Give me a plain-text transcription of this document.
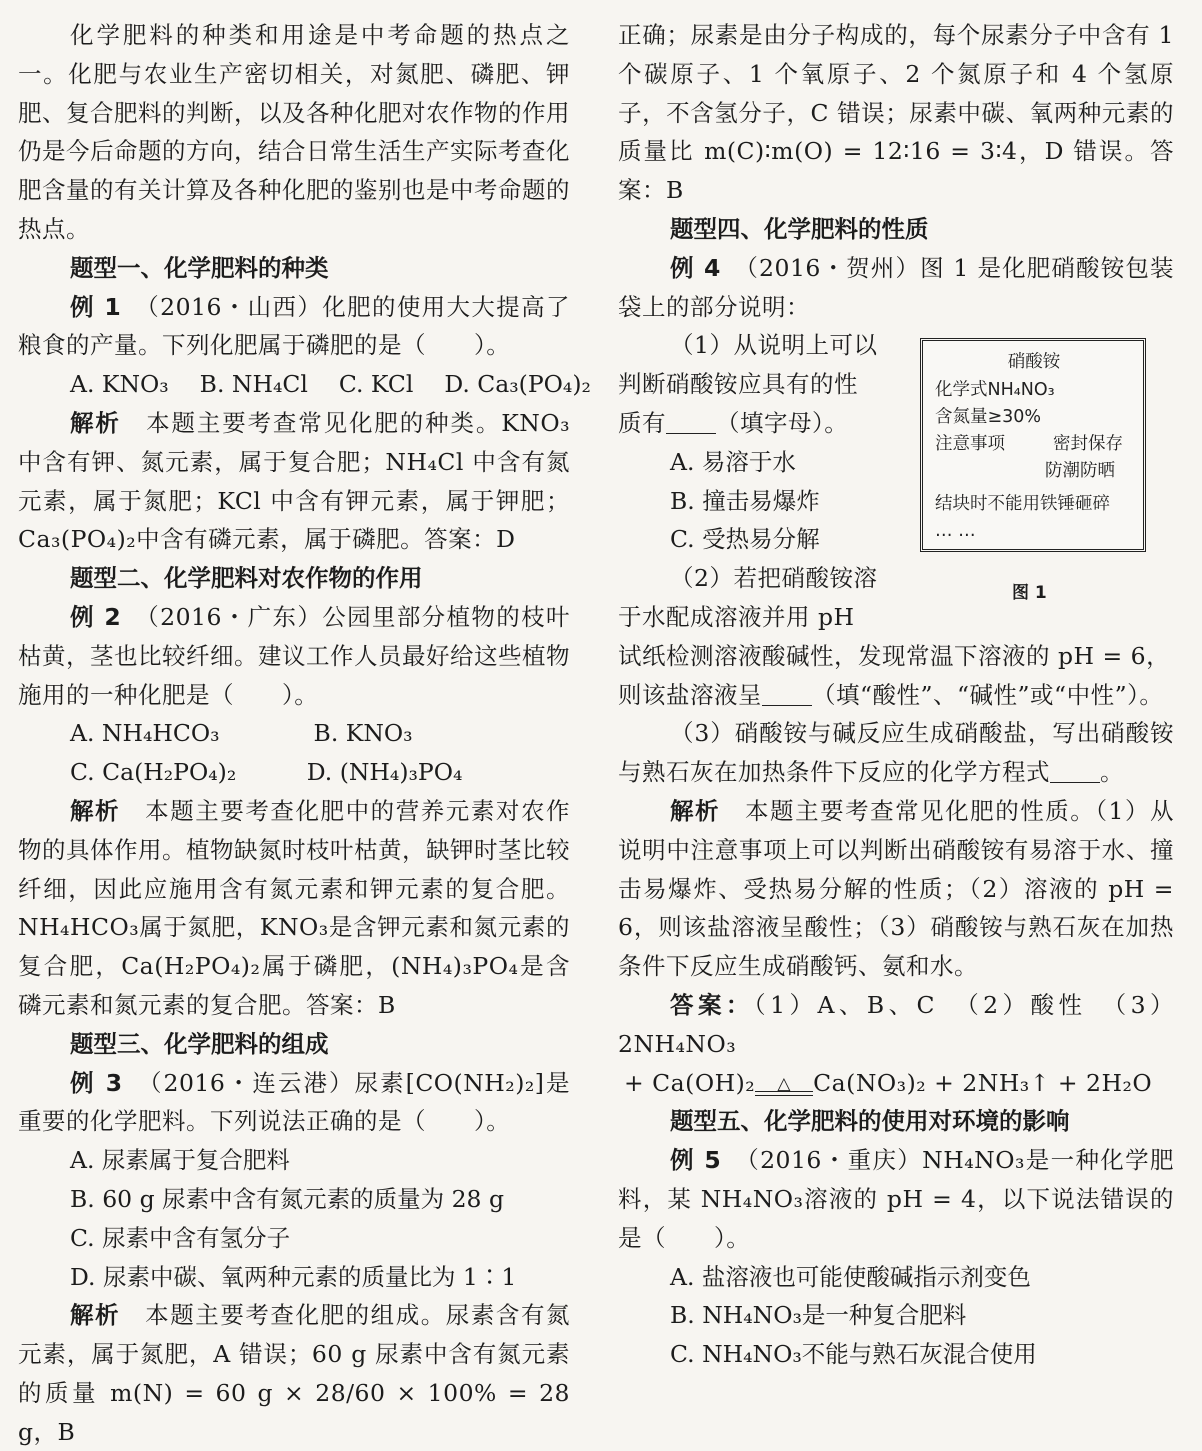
化学肥料的种类和用途是中考命题的热点之一。化肥与农业生产密切相关，对氮肥、磷肥、钾肥、复合肥料的判断，以及各种化肥对农作物的作用仍是今后命题的方向，结合日常生活生产实际考查化肥含量的有关计算及各种化肥的鉴别也是中考命题的热点。

题型一、化学肥料的种类

例 1　 （2016・山西）化肥的使用大大提高了粮食的产量。下列化肥属于磷肥的是（　　）。

A. KNO₃　 B. NH₄Cl　 C. KCl　 D. Ca₃(PO₄)₂

解析　 本题主要考查常见化肥的种类。KNO₃中含有钾、氮元素，属于复合肥；NH₄Cl 中含有氮元素，属于氮肥；KCl 中含有钾元素，属于钾肥；Ca₃(PO₄)₂中含有磷元素，属于磷肥。答案：D

题型二、化学肥料对农作物的作用

例 2　 （2016・广东）公园里部分植物的枝叶枯黄，茎也比较纤细。建议工作人员最好给这些植物施用的一种化肥是（　　）。

A. NH₄HCO₃　　　　B. KNO₃

C. Ca(H₂PO₄)₂　　　D. (NH₄)₃PO₄

解析　 本题主要考查化肥中的营养元素对农作物的具体作用。植物缺氮时枝叶枯黄，缺钾时茎比较纤细，因此应施用含有氮元素和钾元素的复合肥。NH₄HCO₃属于氮肥，KNO₃是含钾元素和氮元素的复合肥，Ca(H₂PO₄)₂属于磷肥，(NH₄)₃PO₄是含磷元素和氮元素的复合肥。答案：B

题型三、化学肥料的组成

例 3　 （2016・连云港）尿素[CO(NH₂)₂]是重要的化学肥料。下列说法正确的是（　　）。

A. 尿素属于复合肥料

B. 60 g 尿素中含有氮元素的质量为 28 g

C. 尿素中含有氢分子

D. 尿素中碳、氧两种元素的质量比为 1∶1

解析　 本题主要考查化肥的组成。尿素含有氮元素，属于氮肥，A 错误；60 g 尿素中含有氮元素的质量 m(N) = 60 g × 28/60 × 100% = 28 g，B

正确；尿素是由分子构成的，每个尿素分子中含有 1 个碳原子、1 个氧原子、2 个氮原子和 4 个氢原子，不含氢分子，C 错误；尿素中碳、氧两种元素的质量比 m(C)∶m(O) = 12∶16 = 3∶4，D 错误。答案：B

题型四、化学肥料的性质

例 4　 （2016・贺州）图 1 是化肥硝酸铵包装袋上的部分说明：

（1）从说明上可以

判断硝酸铵应具有的性

质有 （填字母）。

A. 易溶于水

B. 撞击易爆炸

C. 受热易分解

（2）若把硝酸铵溶

于水配成溶液并用 pH

试纸检测溶液酸碱性，发现常温下溶液的 pH = 6，

则该盐溶液呈 （填“酸性”、“碱性”或“中性”）。

（3）硝酸铵与碱反应生成硝酸盐，写出硝酸铵与熟石灰在加热条件下反应的化学方程式 。

解析　 本题主要考查常见化肥的性质。（1）从说明中注意事项上可以判断出硝酸铵有易溶于水、撞击易爆炸、受热易分解的性质；（2）溶液的 pH = 6，则该盐溶液呈酸性；（3）硝酸铵与熟石灰在加热条件下反应生成硝酸钙、氨和水。

答案：（1）A、B、C　（2）酸性　（3）2NH₄NO₃

+ Ca(OH)₂	△ Ca(NO₃)₂ + 2NH₃↑ + 2H₂O

题型五、化学肥料的使用对环境的影响

例 5　 （2016・重庆）NH₄NO₃是一种化学肥料，某 NH₄NO₃溶液的 pH = 4，以下说法错误的是（　　）。

A. 盐溶液也可能使酸碱指示剂变色

B. NH₄NO₃是一种复合肥料

C. NH₄NO₃不能与熟石灰混合使用

硝酸铵
化学式NH₄NO₃
含氮量≥30%
注意事项	密封保存
防潮防晒
结块时不能用铁锤砸碎
… …
图 1
